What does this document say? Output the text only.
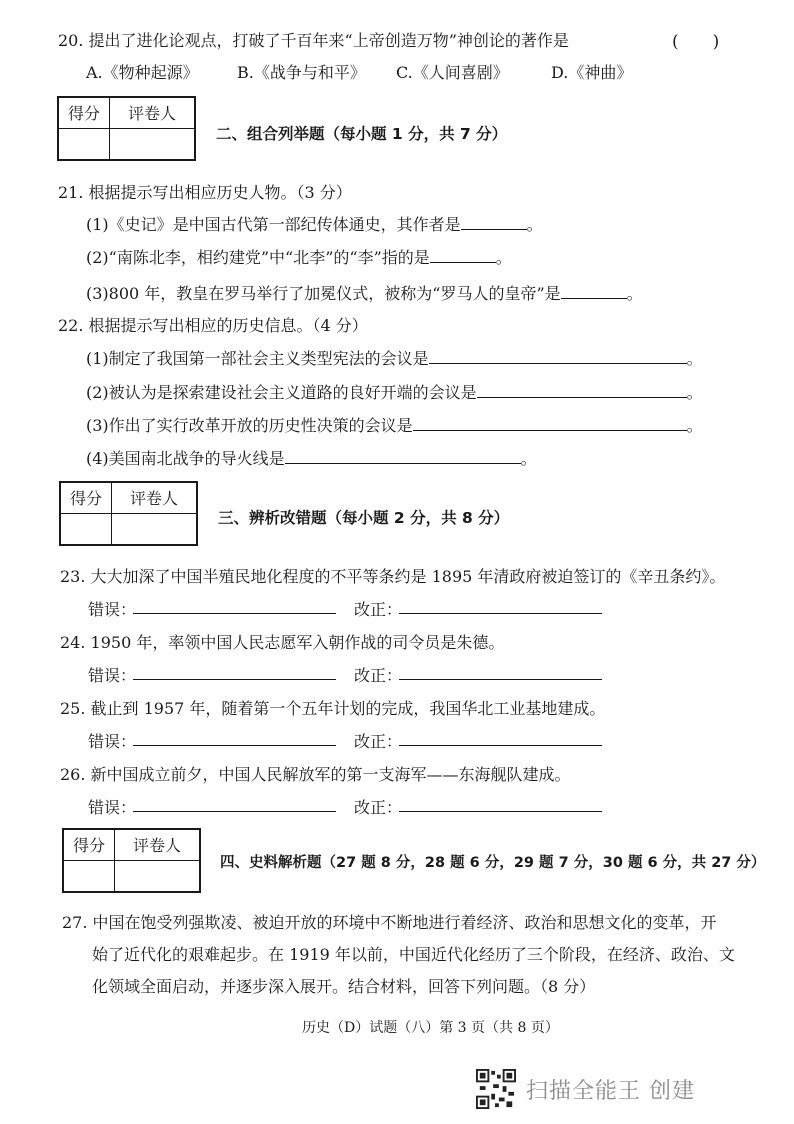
20. 提出了进化论观点，打破了千百年来“上帝创造万物”神创论的著作是	(　　)
A.《物种起源》 B.《战争与和平》 C.《人间喜剧》	D.《神曲》
得分	评卷人

二、组合列举题（每小题 1 分，共 7 分）
21. 根据提示写出相应历史人物。（3 分）
(1)《史记》是中国古代第一部纪传体通史，其作者是	。
(2)“南陈北李，相约建党”中“北李”的“李”指的是	。
(3)800 年，教皇在罗马举行了加冕仪式，被称为“罗马人的皇帝”是	。
22. 根据提示写出相应的历史信息。（4 分）
(1)制定了我国第一部社会主义类型宪法的会议是	。
(2)被认为是探索建设社会主义道路的良好开端的会议是	。
(3)作出了实行改革开放的历史性决策的会议是	。
(4)美国南北战争的导火线是	。
得分	评卷人

三、辨析改错题（每小题 2 分，共 8 分）
23. 大大加深了中国半殖民地化程度的不平等条约是 1895 年清政府被迫签订的《辛丑条约》。
错误：	改正：
24. 1950 年，率领中国人民志愿军入朝作战的司令员是朱德。
错误：	改正：
25. 截止到 1957 年，随着第一个五年计划的完成，我国华北工业基地建成。
错误：	改正：
26. 新中国成立前夕，中国人民解放军的第一支海军——东海舰队建成。
错误：	改正：
得分	评卷人

四、史料解析题（27 题 8 分，28 题 6 分，29 题 7 分，30 题 6 分，共 27 分）
27. 中国在饱受列强欺凌、被迫开放的环境中不断地进行着经济、政治和思想文化的变革，开
始了近代化的艰难起步。在 1919 年以前，中国近代化经历了三个阶段，在经济、政治、文
化领域全面启动，并逐步深入展开。结合材料，回答下列问题。（8 分）
历史（D）试题（八）第 3 页（共 8 页）
扫描全能王 创建
